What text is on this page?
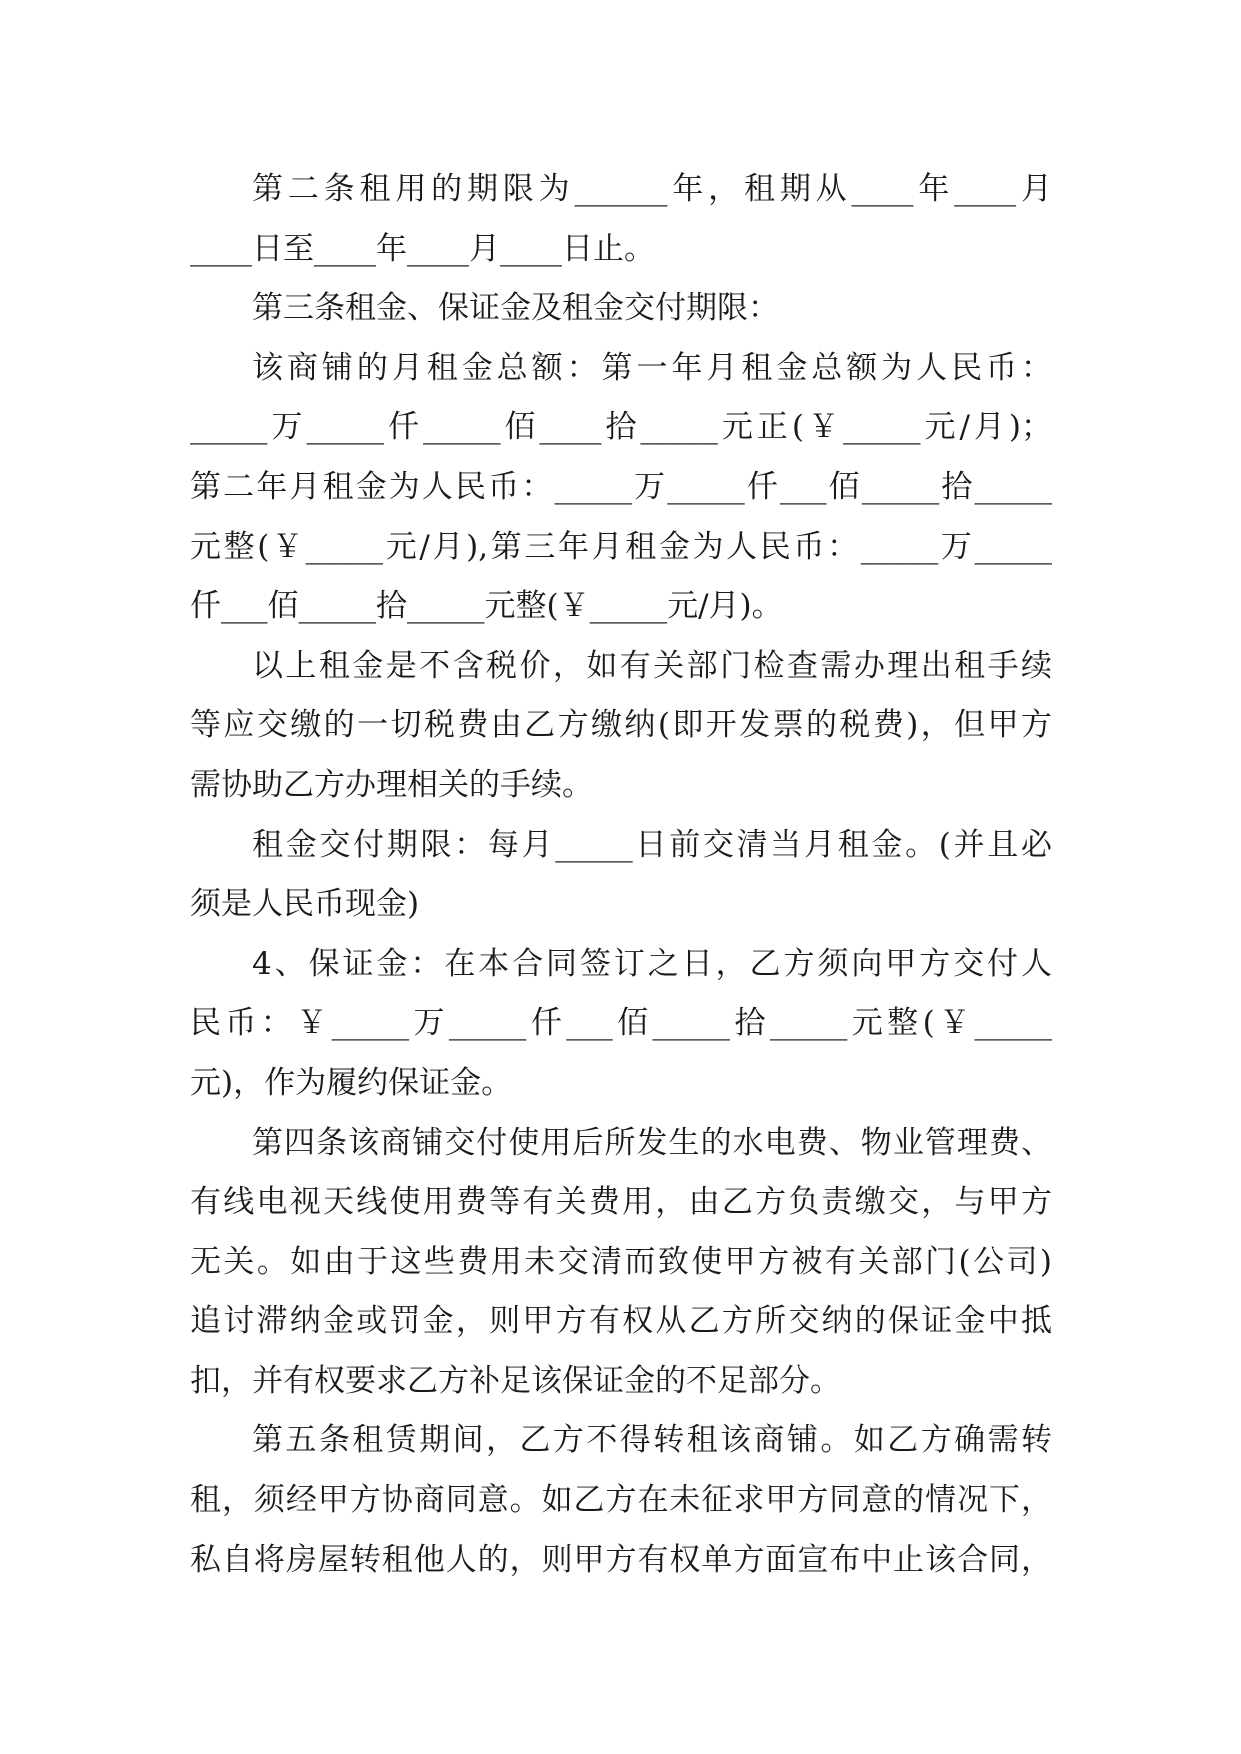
第二条租用的期限为______年，租期从____年____月
____日至____年____月____日止。
第三条租金、保证金及租金交付期限：
该商铺的月租金总额：第一年月租金总额为人民币：
_____万_____仟_____佰____拾_____元正(￥_____元/月)；
第二年月租金为人民币：_____万_____仟___佰_____拾_____
元整(￥_____元/月),第三年月租金为人民币：_____万_____
仟___佰_____拾_____元整(￥_____元/月)。
以上租金是不含税价，如有关部门检查需办理出租手续
等应交缴的一切税费由乙方缴纳(即开发票的税费)，但甲方
需协助乙方办理相关的手续。
租金交付期限：每月_____日前交清当月租金。(并且必
须是人民币现金)
4、保证金：在本合同签订之日，乙方须向甲方交付人
民币：￥_____万_____仟___佰_____拾_____元整(￥_____
元)，作为履约保证金。
第四条该商铺交付使用后所发生的水电费、物业管理费、
有线电视天线使用费等有关费用，由乙方负责缴交，与甲方
无关。如由于这些费用未交清而致使甲方被有关部门(公司)
追讨滞纳金或罚金，则甲方有权从乙方所交纳的保证金中抵
扣，并有权要求乙方补足该保证金的不足部分。
第五条租赁期间，乙方不得转租该商铺。如乙方确需转
租，须经甲方协商同意。如乙方在未征求甲方同意的情况下，
私自将房屋转租他人的，则甲方有权单方面宣布中止该合同，
